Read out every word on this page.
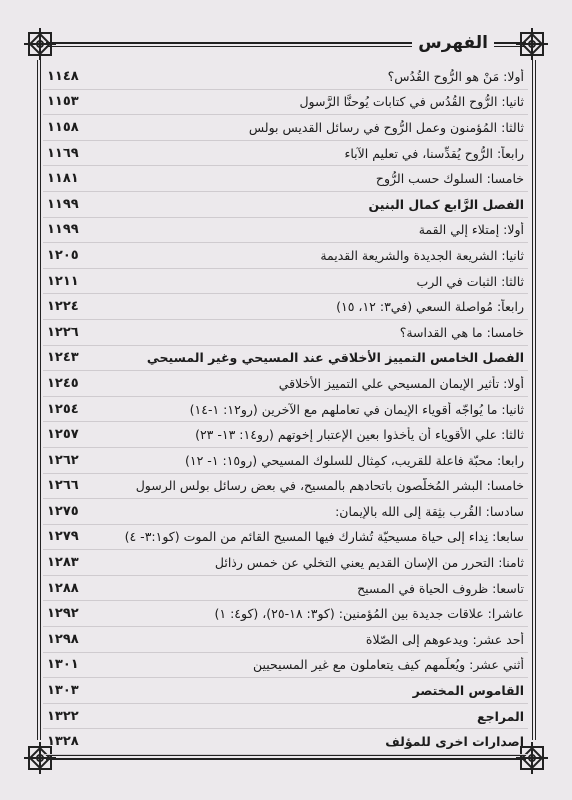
الفهرس
١١٤٨	أولا: مَنْ هو الرُّوح القُدُس؟
١١٥٣	ثانيا: الرُّوح القُدُس في كتابات يُوحنَّا الرَّسول
١١٥٨	ثالثا: المُؤمنون وعمل الرُّوح في رسائل القديس بولس
١١٦٩	رابعاً: الرُّوح يُقدِّسنا، في تعليم الآباء
١١٨١	خامسا: السلوك حسب الرُّوح
١١٩٩	الفصل الرَّابع كمال البنين
١١٩٩	أولا: إمتلاء إلي القمة
١٢٠٥	ثانيا: الشريعة الجديدة والشريعة القديمة
١٢١١	ثالثا: الثبات في الرب
١٢٢٤	رابعاً: مُواصلة السعي (في٣: ١٢، ١٥)
١٢٢٦	خامسا: ما هي القداسة؟
١٢٤٣	الفصل الخامس التمييز الأخلاقي عند المسيحي وغير المسيحي
١٢٤٥	أولا: تأثير الإيمان المسيحي علي التمييز الأخلاقي
١٢٥٤	ثانيا: ما يُواجّه أقوياء الإيمان في تعاملهم مع الآخرين (رو١٢: ١-١٤)
١٢٥٧	ثالثا: علي الأقوياء أن يأخذوا بعين الإعتبار إخوتهم (رو١٤: ١٣- ٢٣)
١٢٦٢	رابعا: محبّة فاعلة للقريب، كمِثال للسلوك المسيحي (رو١٥: ١- ١٢)
١٢٦٦	خامسا: البشر المُخلّصون باتحادهم بالمسيح، في بعض رسائل بولس الرسول
١٢٧٥	سادسا: القُرب بثِقة إلى الله بالإيمان:
١٢٧٩	سابعا: نِداء إلى حياة مسيحيّة تُشارك فيها المسيح القائم من الموت (كو٣:١- ٤)
١٢٨٣	ثامنا: التحرر من الإسان القديم يعني التخلي عن خمس رذائل
١٢٨٨	تاسعا: ظروف الحياة في المسيح
١٢٩٢	عاشرا: علاقات جديدة بين المُؤمنين: (كو٣: ١٨-٢٥)، (كو٤: ١)
١٢٩٨	أحد عشر: ويدعوهم إلى الصّلاة
١٣٠١	أثني عشر: ويُعلِّمهم كيف يتعاملون مع غير المسيحيين
١٣٠٣	القاموس المختصر
١٣٢٢	المراجع
١٣٢٨	اصدارات اخرى للمؤلف
